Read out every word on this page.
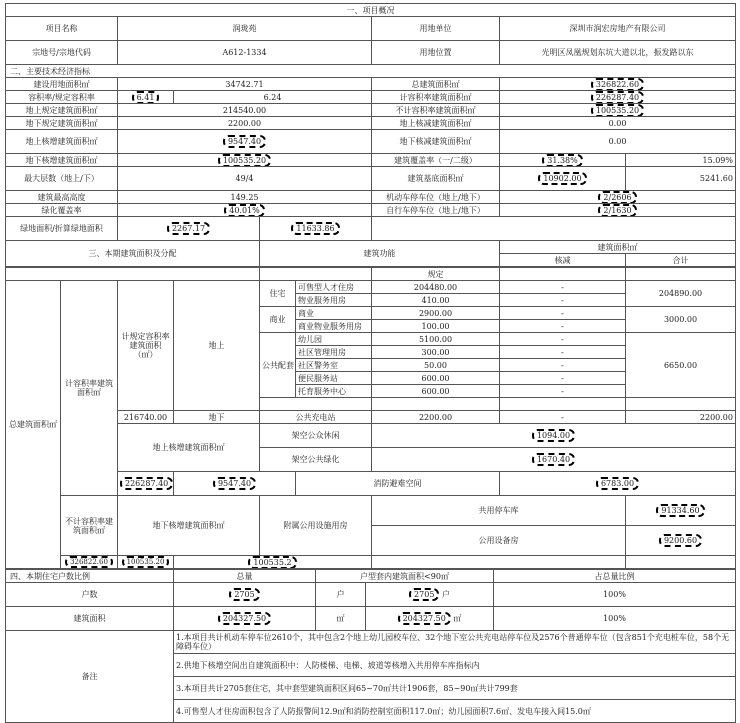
一、项目概况						
项目名称	润珑苑			用地单位	深圳市润宏房地产有限公司	
宗地号/宗地代码	A612-1334			用地位置	光明区凤凰规划东坑大道以北，振发路以东	
二、主要技术经济指标						
建设用地面积㎡	34742.71			总建筑面积㎡	326822.60	
容积率/规定容积率	6.41	6.24		计容积率建筑面积㎡	226287.40	
地上规定建筑面积㎡	214540.00			不计容积率建筑面积㎡	100535.20	
地下规定建筑面积㎡	2200.00			地上核减建筑面积㎡	0.00	
地上核增建筑面积㎡	9547.40			地下核减建筑面积㎡	0.00	
地下核增建筑面积㎡	100535.20			建筑覆盖率（一/二级）	31.38%	15.09%
最大层数（地上/下）	49/4			建筑基底面积㎡	10902.00	5241.60
建筑最高高度	149.25			机动车停车位（地上/地下）	2/2606	
绿化覆盖率	40.01%			自行车停车位（地上/地下）	2/1630	
绿地面积/折算绿地面积	2267.17		11633.86			
三、本期建筑面积及分配			建筑功能		建筑面积㎡	
					核减	合计
						规定		
总建筑面积㎡	计容积率建筑面积㎡	计规定容积率建筑面积（㎡）	地上	住宅	可售型人才住房	204480.00	-	204890.00
					物业服务用房	410.00	-	
				商业	商业	2900.00	-	3000.00
					商业物业服务用房	100.00	-	
				公共配套	幼儿园	5100.00	-	6650.00
					社区管理用房	300.00	-	
					社区警务室	50.00	-	
					便民服务站	600.00	-	
					托育服务中心	600.00	-	

		216740.00	地下	公共充电站		2200.00	-	2200.00
		地上核增建筑面积㎡		架空公众休闲		1094.00		
				架空公共绿化		1670.40		
		226287.40	9547.40		消防避难空间		6783.00	
	不计容积率建筑面积㎡	地下核增建筑面积㎡		附属公用设施用房		共用停车库		91334.60

						公用设备房		9200.60

	326822.60	100535.20	100535.2					
四、本期住宅户数比例	总量	户型套内建筑面积<90㎡		占总量比例
户数	2705	户	2705 户	100%
建筑面积	204327.50	㎡	204327.50 ㎡	100%
备注	1.本项目共计机动车停车位2610个，其中包含2个地上幼儿园校车位、32个地下室公共充电站停车位及2576个普通停车位（包含851个充电桩车位，58个无障碍车位）			
	2.供地下核增空间出自建筑面积中：人防楼梯、电梯、坡道等核增入共用停车库指标内			
	3.本项目共计2705套住宅，其中套型建筑面积区间65~70㎡共计1906套，85~90㎡共计799套			
	4.可售型人才住房面积包含了人防报警间12.9㎡和消防控制室面积117.0㎡；幼儿园面积7.6㎡、发电车接入间15.0㎡			
